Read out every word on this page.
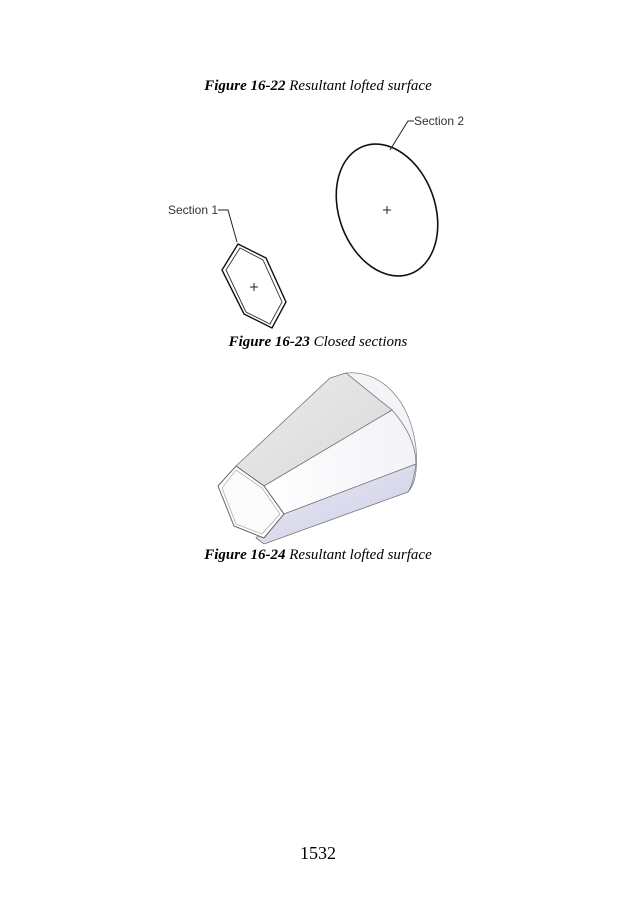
Figure 16-22 Resultant lofted surface
Section 2
Section 1
Figure 16-23 Closed sections
Figure 16-24 Resultant lofted surface
1532
